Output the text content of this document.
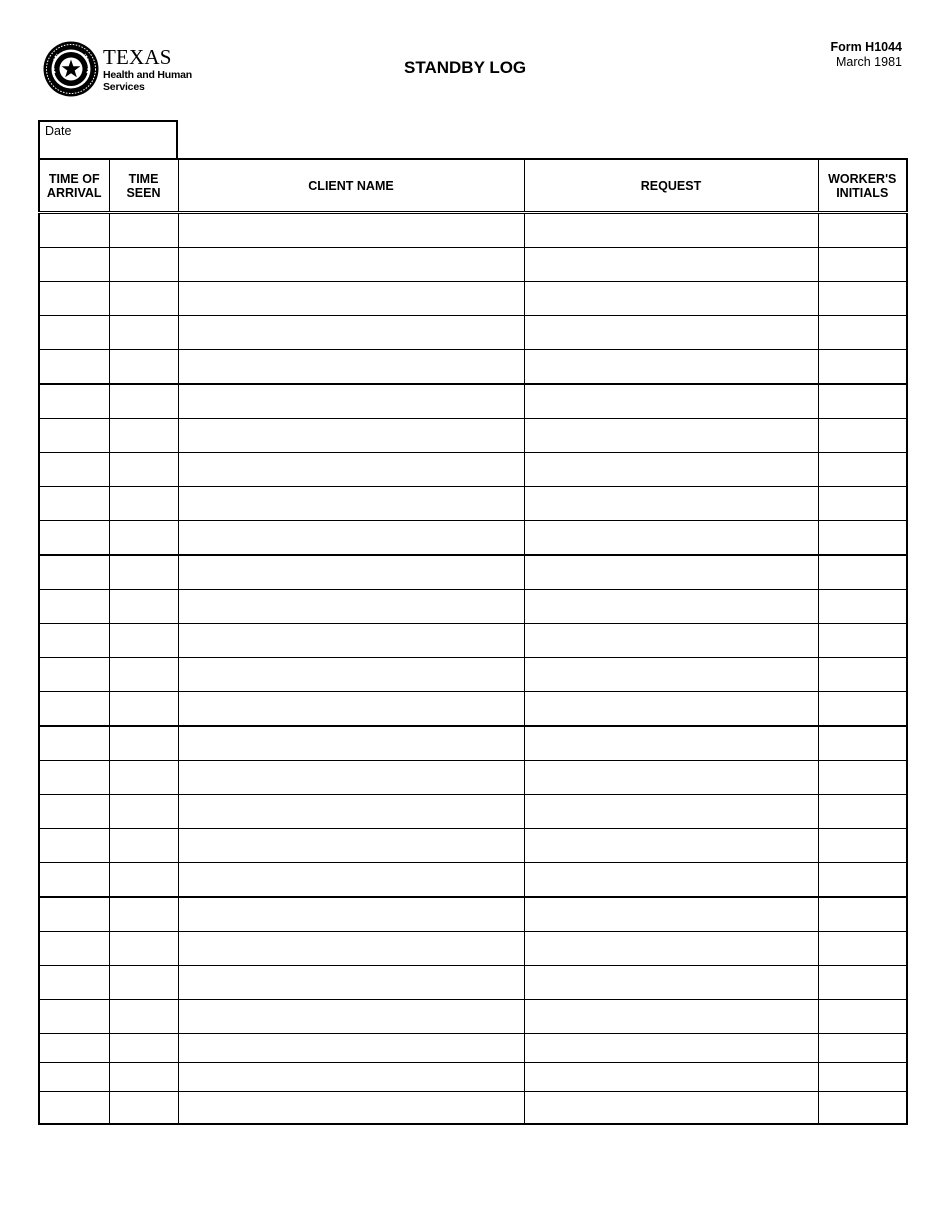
TEXAS
Health and Human
Services
STANDBY LOG
Form H1044
March 1981
Date
TIME OF ARRIVAL	TIME SEEN	CLIENT NAME	REQUEST	WORKER'S INITIALS
